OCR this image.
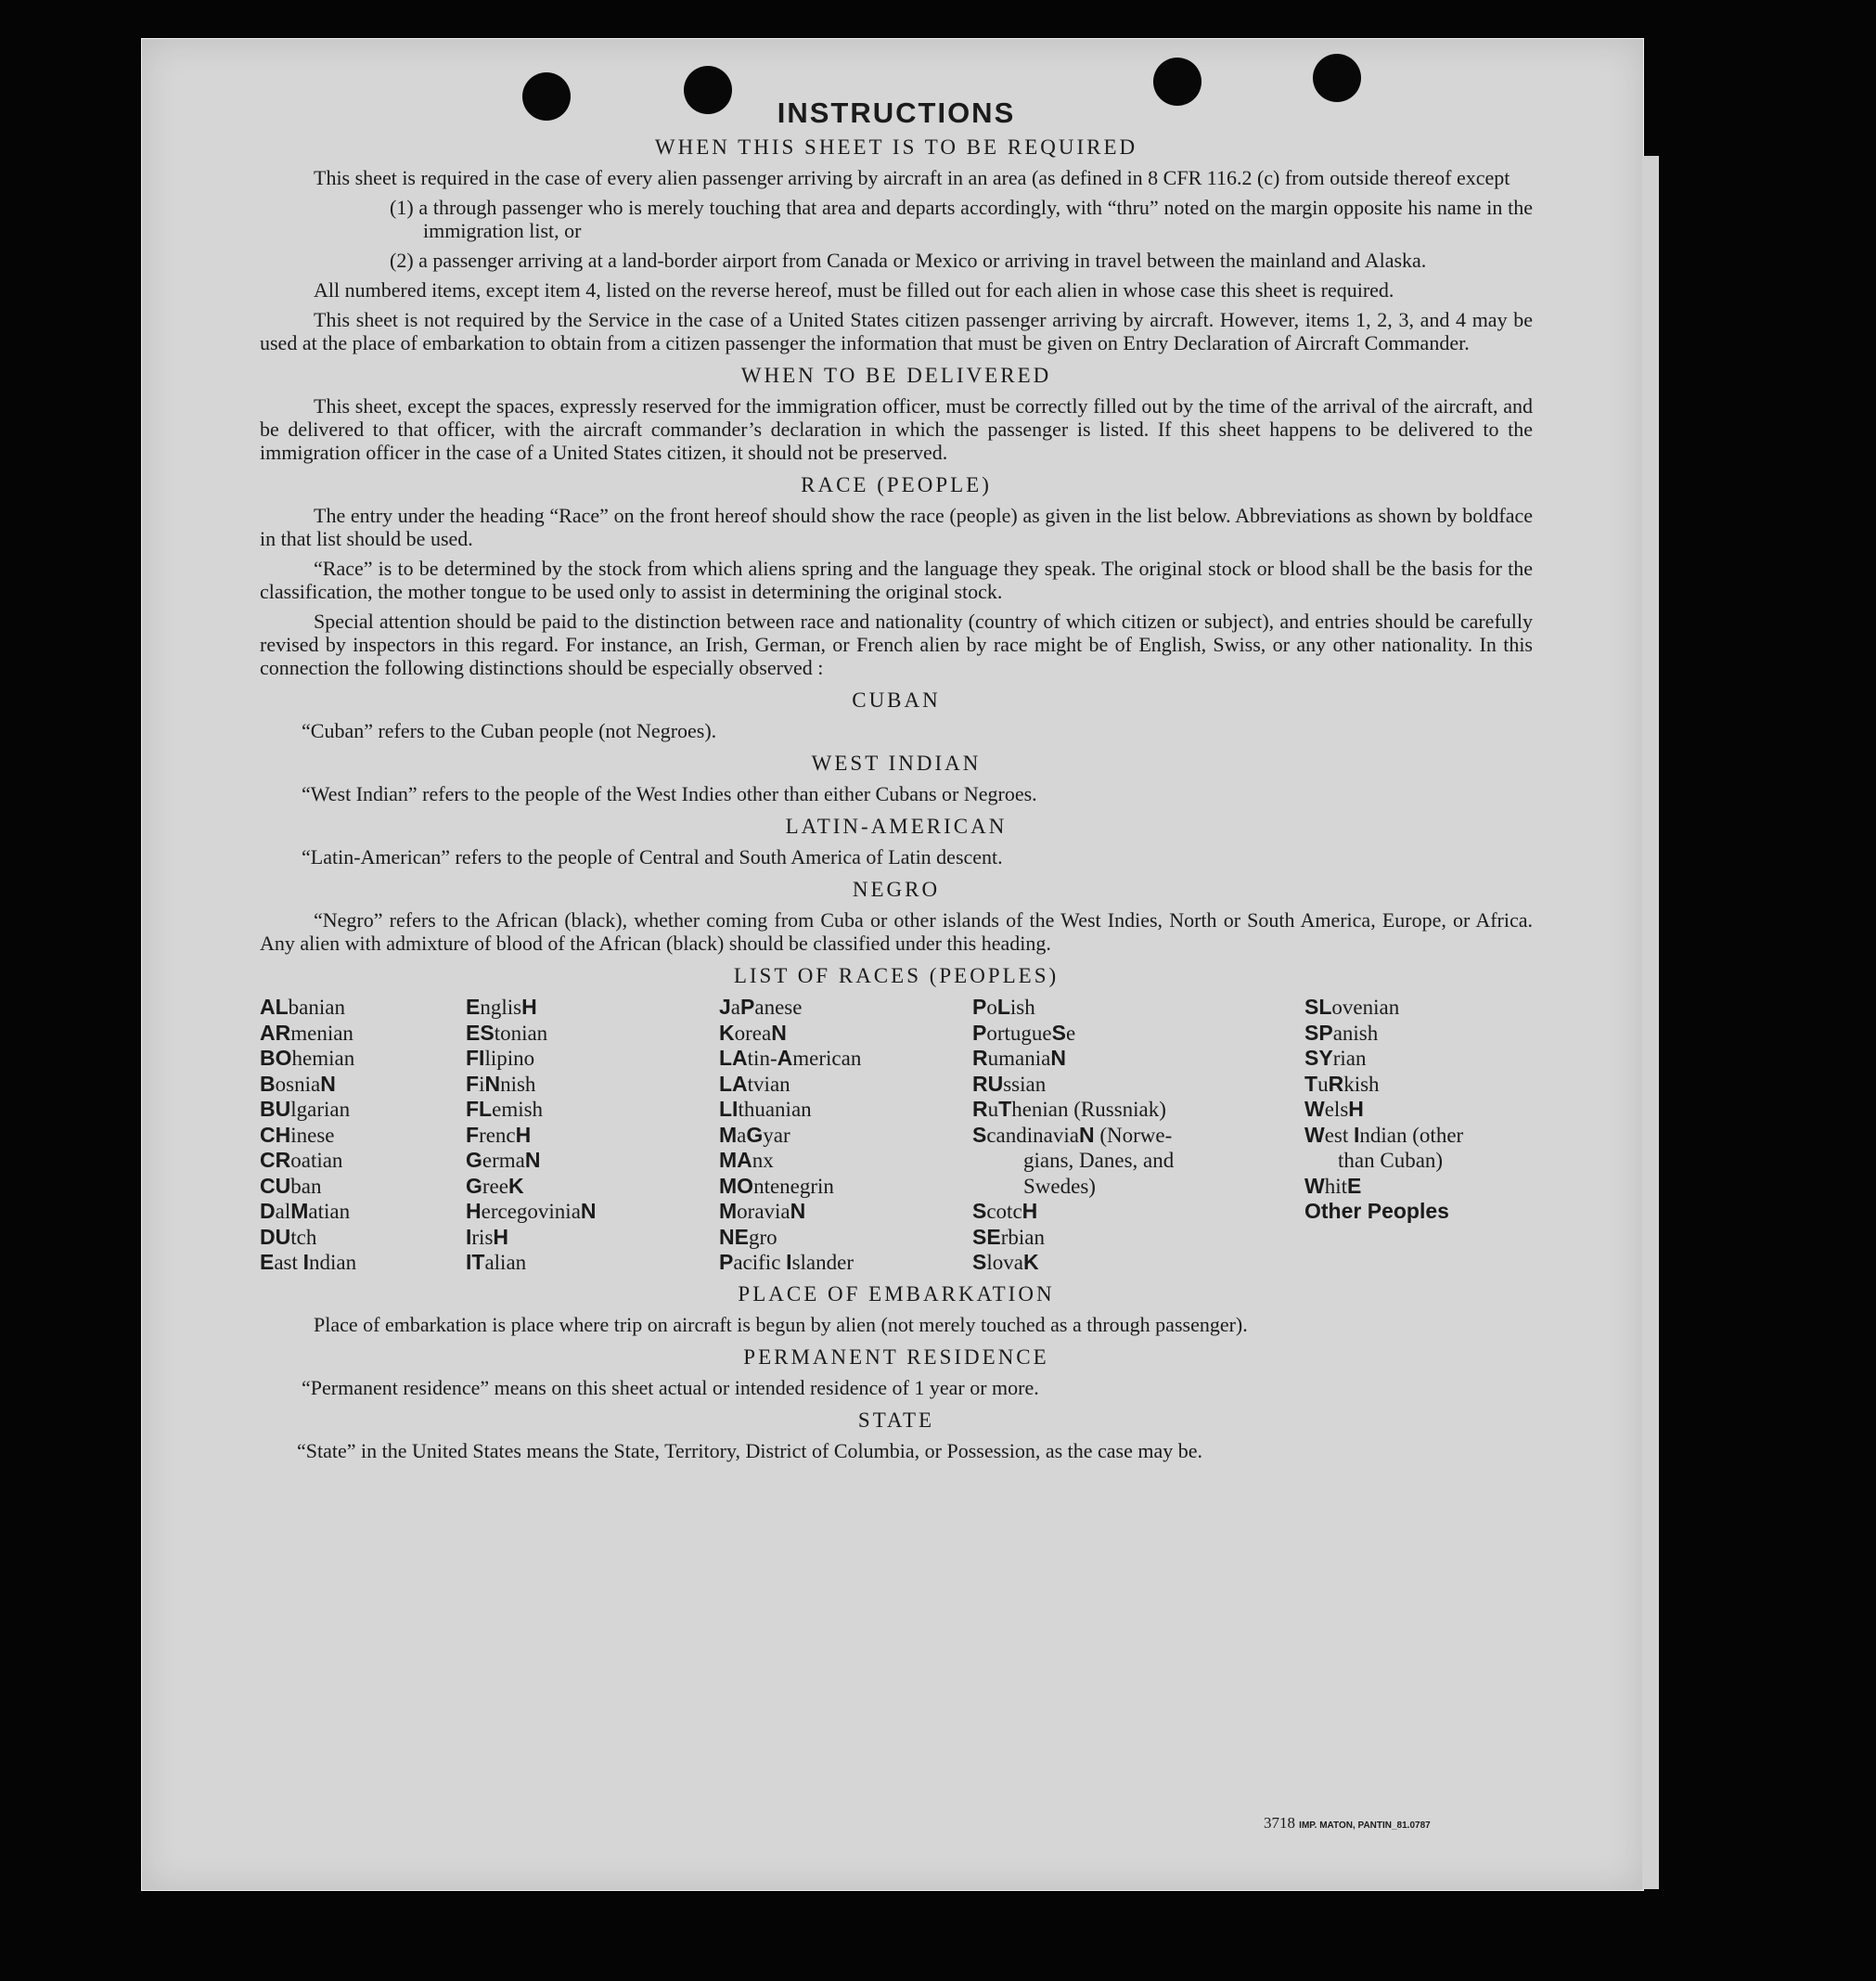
INSTRUCTIONS
WHEN THIS SHEET IS TO BE REQUIRED

This sheet is required in the case of every alien passenger arriving by aircraft in an area (as defined in 8 CFR 116.2 (c) from outside thereof except

(1) a through passenger who is merely touching that area and departs accordingly, with “thru” noted on the margin opposite his name in the immigration list, or

(2) a passenger arriving at a land-border airport from Canada or Mexico or arriving in travel between the mainland and Alaska.

All numbered items, except item 4, listed on the reverse hereof, must be filled out for each alien in whose case this sheet is required.

This sheet is not required by the Service in the case of a United States citizen passenger arriving by aircraft. However, items 1, 2, 3, and 4 may be used at the place of embarkation to obtain from a citizen passenger the information that must be given on Entry Declaration of Aircraft Commander.

WHEN TO BE DELIVERED

This sheet, except the spaces, expressly reserved for the immigration officer, must be correctly filled out by the time of the arrival of the aircraft, and be delivered to that officer, with the aircraft commander’s declaration in which the passenger is listed. If this sheet happens to be delivered to the immigration officer in the case of a United States citizen, it should not be preserved.

RACE (PEOPLE)

The entry under the heading “Race” on the front hereof should show the race (people) as given in the list below. Abbreviations as shown by boldface in that list should be used.

“Race” is to be determined by the stock from which aliens spring and the language they speak. The original stock or blood shall be the basis for the classification, the mother tongue to be used only to assist in determining the original stock.

Special attention should be paid to the distinction between race and nationality (country of which citizen or subject), and entries should be carefully revised by inspectors in this regard. For instance, an Irish, German, or French alien by race might be of English, Swiss, or any other nationality. In this connection the following distinctions should be especially observed :

CUBAN
“Cuban” refers to the Cuban people (not Negroes).
WEST INDIAN
“West Indian” refers to the people of the West Indies other than either Cubans or Negroes.
LATIN-AMERICAN
“Latin-American” refers to the people of Central and South America of Latin descent.
NEGRO

“Negro” refers to the African (black), whether coming from Cuba or other islands of the West Indies, North or South America, Europe, or Africa. Any alien with admixture of blood of the African (black) should be classified under this heading.

LIST OF RACES (PEOPLES)
ALbanian
ARmenian
BOhemian
BosniaN
BUlgarian
CHinese
CRoatian
CUban
DalMatian
DUtch
East Indian
EnglisH
EStonian
FIlipino
FiNnish
FLemish
FrencH
GermaN
GreeK
HercegoviniaN
IrisH
ITalian
JaPanese
KoreaN
LAtin-American
LAtvian
LIthuanian
MaGyar
MAnx
MOntenegrin
MoraviaN
NEgro
Pacific Islander
PoLish
PortugueSe
RumaniaN
RUssian
RuThenian (Russniak)
ScandinaviaN (Norwe-
gians, Danes, and
Swedes)
ScotcH
SErbian
SlovaK
SLovenian
SPanish
SYrian
TuRkish
WelsH
West Indian (other
than Cuban)
WhitE
Other Peoples
PLACE OF EMBARKATION

Place of embarkation is place where trip on aircraft is begun by alien (not merely touched as a through passenger).

PERMANENT RESIDENCE
“Permanent residence” means on this sheet actual or intended residence of 1 year or more.
STATE
“State” in the United States means the State, Territory, District of Columbia, or Possession, as the case may be.
3718 IMP. MATON, PANTIN_81.0787
